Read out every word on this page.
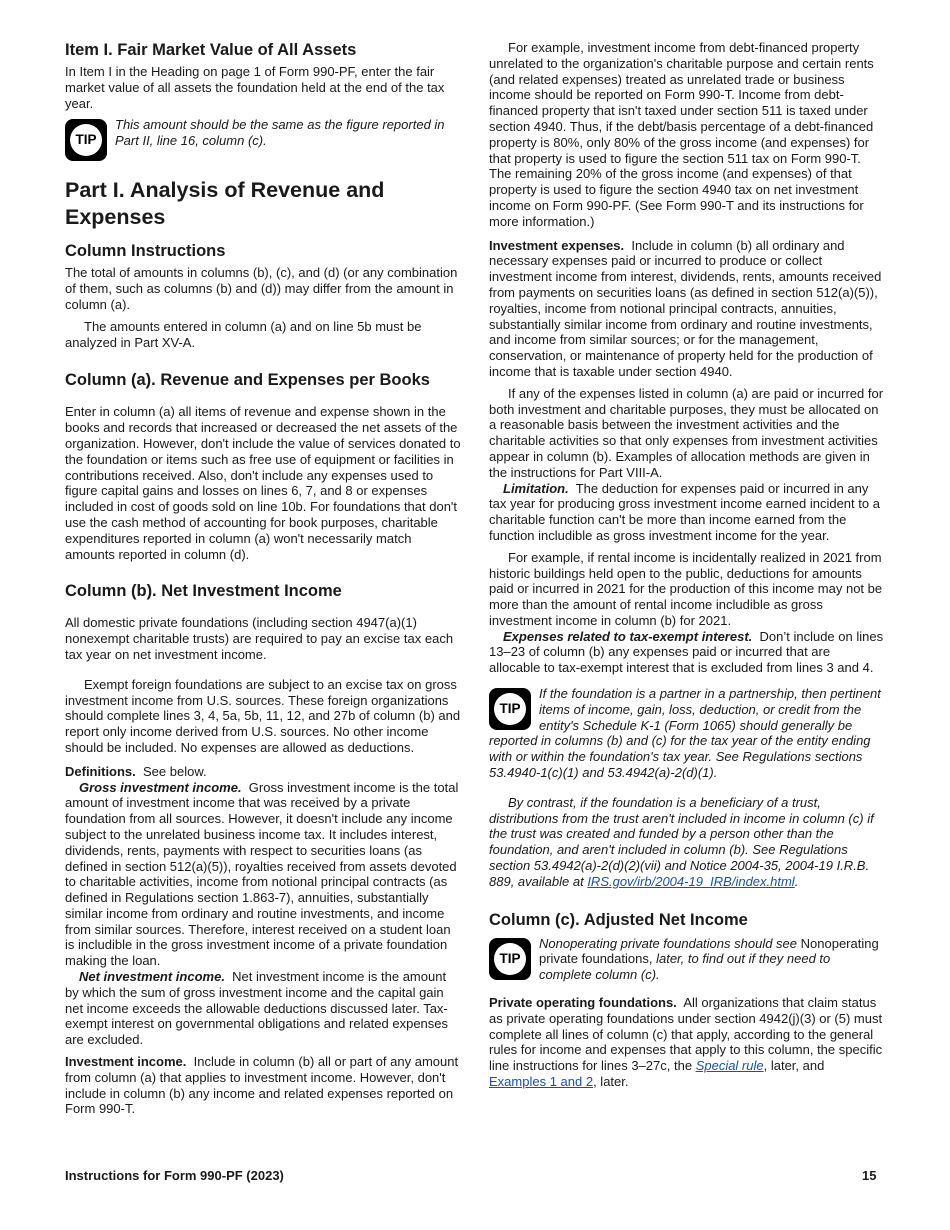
Item I. Fair Market Value of All Assets

In Item I in the Heading on page 1 of Form 990-PF, enter the fair market value of all assets the foundation held at the end of the tax year.

TIP

This amount should be the same as the figure reported in Part II, line 16, column (c).

Part I. Analysis of Revenue and Expenses
Column Instructions

The total of amounts in columns (b), (c), and (d) (or any combination of them, such as columns (b) and (d)) may differ from the amount in column (a).

The amounts entered in column (a) and on line 5b must be analyzed in Part XV-A.

Column (a). Revenue and Expenses per Books

Enter in column (a) all items of revenue and expense shown in the books and records that increased or decreased the net assets of the organization. However, don't include the value of services donated to the foundation or items such as free use of equipment or facilities in contributions received. Also, don't include any expenses used to figure capital gains and losses on lines 6, 7, and 8 or expenses included in cost of goods sold on line 10b. For foundations that don't use the cash method of accounting for book purposes, charitable expenditures reported in column (a) won't necessarily match amounts reported in column (d).

Column (b). Net Investment Income

All domestic private foundations (including section 4947(a)(1) nonexempt charitable trusts) are required to pay an excise tax each tax year on net investment income.

Exempt foreign foundations are subject to an excise tax on gross investment income from U.S. sources. These foreign organizations should complete lines 3, 4, 5a, 5b, 11, 12, and 27b of column (b) and report only income derived from U.S. sources. No other income should be included. No expenses are allowed as deductions.

Definitions. See below.

Gross investment income. Gross investment income is the total amount of investment income that was received by a private foundation from all sources. However, it doesn't include any income subject to the unrelated business income tax. It includes interest, dividends, rents, payments with respect to securities loans (as defined in section 512(a)(5)), royalties received from assets devoted to charitable activities, income from notional principal contracts (as defined in Regulations section 1.863-7), annuities, substantially similar income from ordinary and routine investments, and income from similar sources. Therefore, interest received on a student loan is includible in the gross investment income of a private foundation making the loan.

Net investment income. Net investment income is the amount by which the sum of gross investment income and the capital gain net income exceeds the allowable deductions discussed later. Tax-exempt interest on governmental obligations and related expenses are excluded.

Investment income. Include in column (b) all or part of any amount from column (a) that applies to investment income. However, don't include in column (b) any income and related expenses reported on Form 990-T.

For example, investment income from debt-financed property unrelated to the organization's charitable purpose and certain rents (and related expenses) treated as unrelated trade or business income should be reported on Form 990-T. Income from debt-financed property that isn't taxed under section 511 is taxed under section 4940. Thus, if the debt/basis percentage of a debt-financed property is 80%, only 80% of the gross income (and expenses) for that property is used to figure the section 511 tax on Form 990-T. The remaining 20% of the gross income (and expenses) of that property is used to figure the section 4940 tax on net investment income on Form 990-PF. (See Form 990-T and its instructions for more information.)

Investment expenses. Include in column (b) all ordinary and necessary expenses paid or incurred to produce or collect investment income from interest, dividends, rents, amounts received from payments on securities loans (as defined in section 512(a)(5)), royalties, income from notional principal contracts, annuities, substantially similar income from ordinary and routine investments, and income from similar sources; or for the management, conservation, or maintenance of property held for the production of income that is taxable under section 4940.

If any of the expenses listed in column (a) are paid or incurred for both investment and charitable purposes, they must be allocated on a reasonable basis between the investment activities and the charitable activities so that only expenses from investment activities appear in column (b). Examples of allocation methods are given in the instructions for Part VIII-A.

Limitation. The deduction for expenses paid or incurred in any tax year for producing gross investment income earned incident to a charitable function can't be more than income earned from the function includible as gross investment income for the year.

For example, if rental income is incidentally realized in 2021 from historic buildings held open to the public, deductions for amounts paid or incurred in 2021 for the production of this income may not be more than the amount of rental income includible as gross investment income in column (b) for 2021.

Expenses related to tax-exempt interest. Don’t include on lines 13–23 of column (b) any expenses paid or incurred that are allocable to tax-exempt interest that is excluded from lines 3 and 4.

TIP

If the foundation is a partner in a partnership, then pertinent items of income, gain, loss, deduction, or credit from the entity's Schedule K-1 (Form 1065) should generally be reported in columns (b) and (c) for the tax year of the entity ending with or within the foundation's tax year. See Regulations sections 53.4940-1(c)(1) and 53.4942(a)-2(d)(1).

By contrast, if the foundation is a beneficiary of a trust, distributions from the trust aren't included in income in column (c) if the trust was created and funded by a person other than the foundation, and aren't included in column (b). See Regulations section 53.4942(a)-2(d)(2)(vii) and Notice 2004-35, 2004-19 I.R.B. 889, available at IRS.gov/irb/2004-19_IRB/index.html.

Column (c). Adjusted Net Income
TIP

Nonoperating private foundations should see Nonoperating private foundations, later, to find out if they need to complete column (c).

Private operating foundations. All organizations that claim status as private operating foundations under section 4942(j)(3) or (5) must complete all lines of column (c) that apply, according to the general rules for income and expenses that apply to this column, the specific line instructions for lines 3–27c, the Special rule, later, and Examples 1 and 2, later.

Instructions for Form 990-PF (2023)	15
